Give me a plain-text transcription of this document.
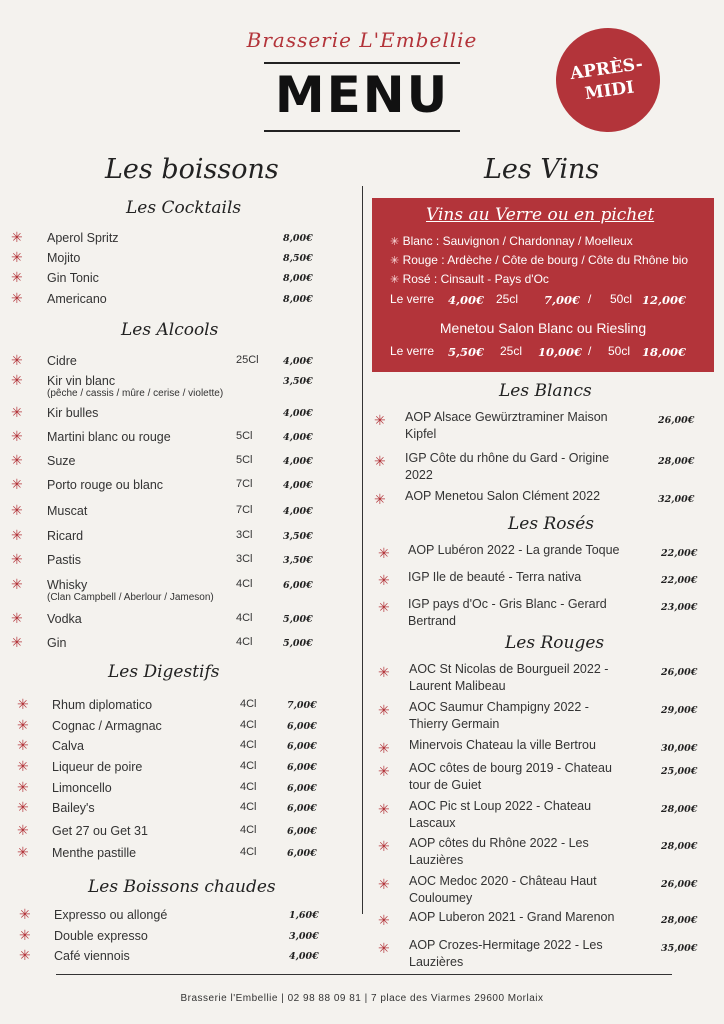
Brasserie L'Embellie
MENU	APRÈS-
MIDI
Les boissons	Les Vins
Les Cocktails
✳ Aperol Spritz	8,00€
✳ Mojito	8,50€
✳ Gin Tonic	8,00€
✳ Americano	8,00€
Les Alcools
✳ Cidre	25Cl	4,00€
✳ Kir vin blanc	3,50€
(pêche / cassis / mûre / cerise / violette)
✳ Kir bulles	4,00€
✳ Martini blanc ou rouge	5Cl	4,00€
✳ Suze	5Cl	4,00€
✳ Porto rouge ou blanc	7Cl	4,00€
✳ Muscat	7Cl	4,00€
✳ Ricard	3Cl	3,50€
✳ Pastis	3Cl	3,50€
✳ Whisky	4Cl	6,00€
(Clan Campbell / Aberlour / Jameson)
✳ Vodka	4Cl	5,00€
✳ Gin	4Cl	5,00€
Les Digestifs
✳ Rhum diplomatico	4Cl	7,00€
✳ Cognac / Armagnac	4Cl	6,00€
✳ Calva	4Cl	6,00€
✳ Liqueur de poire	4Cl	6,00€
✳ Limoncello	4Cl	6,00€
✳ Bailey's	4Cl	6,00€
✳ Get 27 ou Get 31	4Cl	6,00€
✳ Menthe pastille	4Cl	6,00€
Les Boissons chaudes
✳ Expresso ou allongé	1,60€
✳ Double expresso	3,00€
✳ Café viennois	4,00€
Vins au Verre ou en pichet
✳ Blanc : Sauvignon / Chardonnay / Moelleux
✳ Rouge : Ardèche / Côte de bourg / Côte du Rhône bio
✳ Rosé : Cinsault - Pays d'Oc
Le verre 4,00€ 25cl 7,00€ / 50cl 12,00€
Menetou Salon Blanc ou Riesling
Le verre 5,50€ 25cl 10,00€ / 50cl 18,00€
Les Blancs
✳ AOP Alsace Gewürztraminer Maison
Kipfel
26,00€
✳ IGP Côte du rhône du Gard - Origine
2022
28,00€
✳ AOP Menetou Salon Clément 2022	32,00€
Les Rosés
✳ AOP Lubéron 2022 - La grande Toque	22,00€
✳ IGP Ile de beauté - Terra nativa	22,00€
✳ IGP pays d'Oc - Gris Blanc - Gerard
Bertrand
23,00€
Les Rouges
✳ AOC St Nicolas de Bourgueil 2022 -
Laurent Malibeau
26,00€
✳ AOC Saumur Champigny 2022 -
Thierry Germain
29,00€
✳ Minervois Chateau la ville Bertrou	30,00€
✳ AOC côtes de bourg 2019 - Chateau
tour de Guiet
25,00€
✳ AOC Pic st Loup 2022 - Chateau
Lascaux
28,00€
✳ AOP côtes du Rhône 2022 - Les
Lauzières
28,00€
✳ AOC Medoc 2020 - Château Haut
Couloumey
26,00€
✳ AOP Luberon 2021 - Grand Marenon	28,00€
✳ AOP Crozes-Hermitage 2022 - Les
Lauzières
35,00€
Brasserie l'Embellie | 02 98 88 09 81 | 7 place des Viarmes 29600 Morlaix
